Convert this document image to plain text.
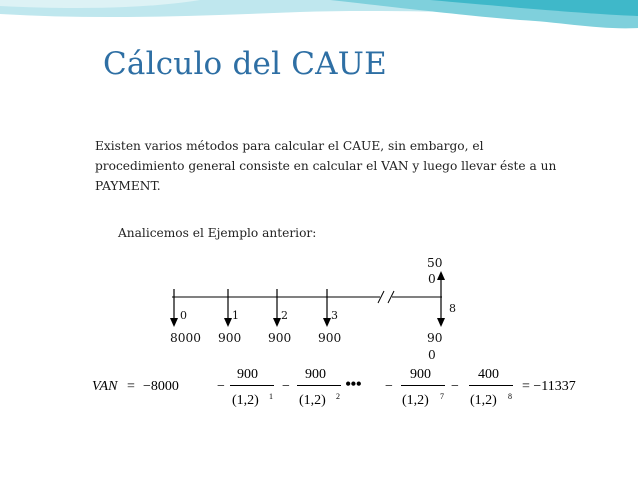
Cálculo del CAUE
Existen varios métodos para calcular el CAUE, sin embargo, el procedimiento general consiste en calcular el VAN y luego llevar éste a un PAYMENT.
Analicemos el Ejemplo anterior:
0	1	2	3
8
50
0
8000 900 900 900	90
0
VAN = −8000	−
900
(1,2) 1
−
900
(1,2) 2
••• −
900
(1,2) 7
−
400
(1,2) 8
= −11337
